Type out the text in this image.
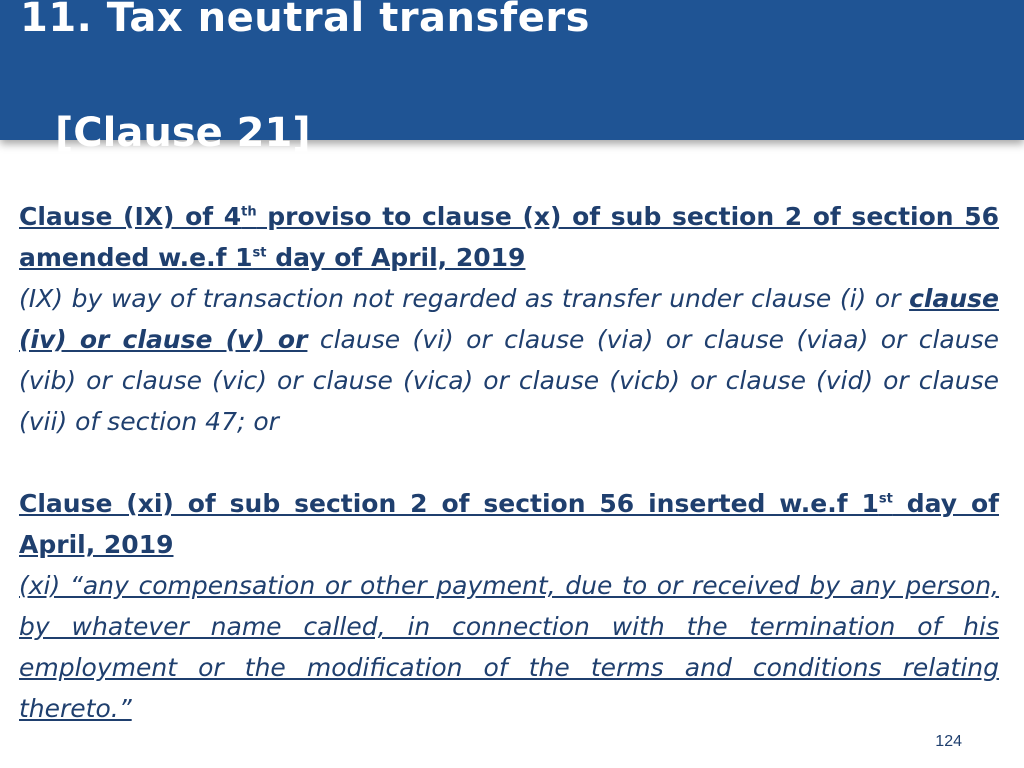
11. Tax neutral transfers
[Clause 21]

Clause (IX) of 4th proviso to clause (x) of sub section 2 of section 56 amended w.e.f 1st day of April, 2019

(IX) by way of transaction not regarded as transfer under clause (i) or clause (iv) or clause (v) or clause (vi) or clause (via) or clause (viaa) or clause (vib) or clause (vic) or clause (vica) or clause (vicb) or clause (vid) or clause (vii) of section 47; or

Clause (xi) of sub section 2 of section 56 inserted w.e.f 1st day of April, 2019

(xi) “any compensation or other payment, due to or received by any person, by whatever name called, in connection with the termination of his employment or the modification of the terms and conditions relating thereto.”

124
